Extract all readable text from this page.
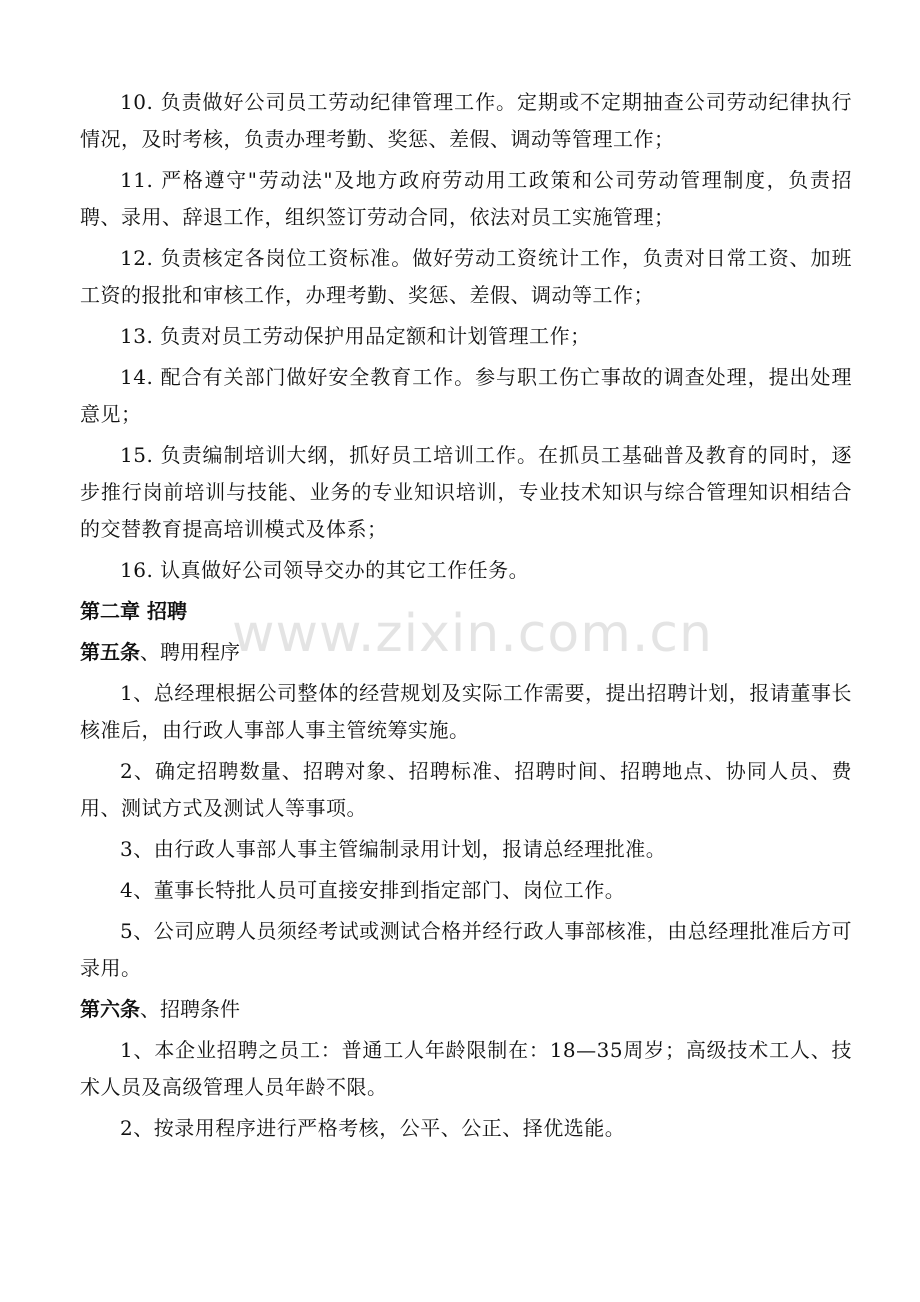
10. 负责做好公司员工劳动纪律管理工作。定期或不定期抽查公司劳动纪律执行情况，及时考核，负责办理考勤、奖惩、差假、调动等管理工作；

11. 严格遵守"劳动法"及地方政府劳动用工政策和公司劳动管理制度，负责招聘、录用、辞退工作，组织签订劳动合同，依法对员工实施管理；

12. 负责核定各岗位工资标准。做好劳动工资统计工作，负责对日常工资、加班工资的报批和审核工作，办理考勤、奖惩、差假、调动等工作；

13. 负责对员工劳动保护用品定额和计划管理工作；

14. 配合有关部门做好安全教育工作。参与职工伤亡事故的调查处理，提出处理意见；

15. 负责编制培训大纲，抓好员工培训工作。在抓员工基础普及教育的同时，逐步推行岗前培训与技能、业务的专业知识培训，专业技术知识与综合管理知识相结合的交替教育提高培训模式及体系；

16. 认真做好公司领导交办的其它工作任务。

第二章 招聘

第五条、聘用程序

1、总经理根据公司整体的经营规划及实际工作需要，提出招聘计划，报请董事长核准后，由行政人事部人事主管统筹实施。

2、确定招聘数量、招聘对象、招聘标准、招聘时间、招聘地点、协同人员、费用、测试方式及测试人等事项。

3、由行政人事部人事主管编制录用计划，报请总经理批准。

4、董事长特批人员可直接安排到指定部门、岗位工作。

5、公司应聘人员须经考试或测试合格并经行政人事部核准，由总经理批准后方可录用。

第六条、招聘条件

1、本企业招聘之员工：普通工人年龄限制在：18—35周岁；高级技术工人、技术人员及高级管理人员年龄不限。

2、按录用程序进行严格考核，公平、公正、择优选能。

www.zixin.com.cn
